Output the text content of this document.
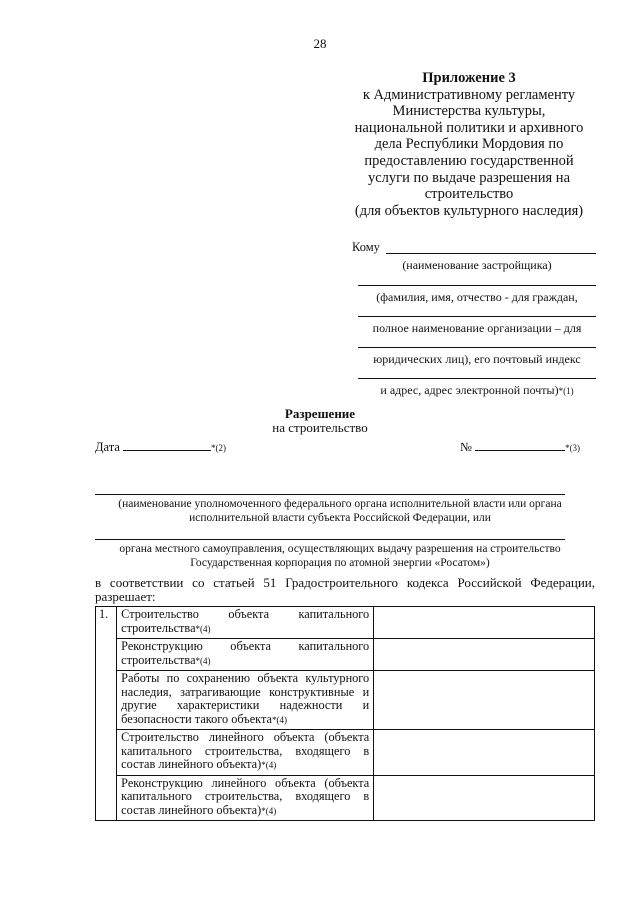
28
Приложение 3
к Административному регламенту
Министерства культуры,
национальной политики и архивного
дела Республики Мордовия по
предоставлению государственной
услуги по выдаче разрешения на
строительство
(для объектов культурного наследия)
Кому
(наименование застройщика)
(фамилия, имя, отчество - для граждан,
полное наименование организации – для
юридических лиц), его почтовый индекс
и адрес, адрес электронной почты)*(1)
Разрешение
на строительство
Дата	*(2)	№	*(3)
(наименование уполномоченного федерального органа исполнительной власти или органа
исполнительной власти субъекта Российской Федерации, или
органа местного самоуправления, осуществляющих выдачу разрешения на строительство
Государственная корпорация по атомной энергии «Росатом»)
в соответствии со статьей 51 Градостроительного кодекса Российской Федерации, разрешает:
1.	Строительство объекта капитального строительства*(4)	
	Реконструкцию объекта капитального строительства*(4)	
	Работы по сохранению объекта культурного наследия, затрагивающие конструктивные и другие характеристики надежности и безопасности такого объекта*(4)	
	Строительство линейного объекта (объекта капитального строительства, входящего в состав линейного объекта)*(4)	
	Реконструкцию линейного объекта (объекта капитального строительства, входящего в состав линейного объекта)*(4)	
